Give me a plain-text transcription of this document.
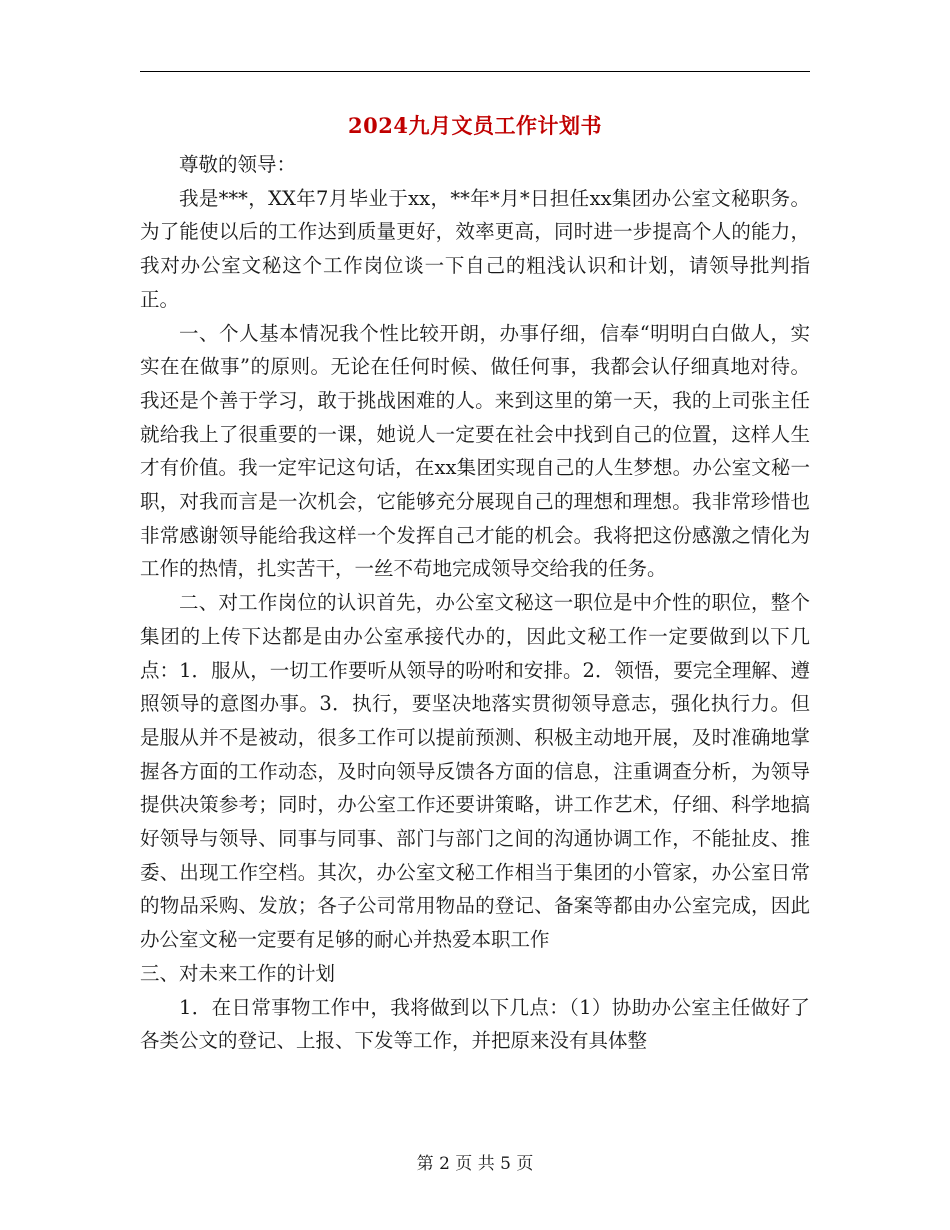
2024九月文员工作计划书

尊敬的领导：

我是***，XX年7月毕业于xx，**年*月*日担任xx集团办公室文秘职务。为了能使以后的工作达到质量更好，效率更高，同时进一步提高个人的能力，我对办公室文秘这个工作岗位谈一下自己的粗浅认识和计划，请领导批判指正。

一、个人基本情况我个性比较开朗，办事仔细，信奉“明明白白做人，实实在在做事”的原则。无论在任何时候、做任何事，我都会认仔细真地对待。我还是个善于学习，敢于挑战困难的人。来到这里的第一天，我的上司张主任就给我上了很重要的一课，她说人一定要在社会中找到自己的位置，这样人生才有价值。我一定牢记这句话，在xx集团实现自己的人生梦想。办公室文秘一职，对我而言是一次机会，它能够充分展现自己的理想和理想。我非常珍惜也非常感谢领导能给我这样一个发挥自己才能的机会。我将把这份感激之情化为工作的热情，扎实苦干，一丝不苟地完成领导交给我的任务。

二、对工作岗位的认识首先，办公室文秘这一职位是中介性的职位，整个集团的上传下达都是由办公室承接代办的，因此文秘工作一定要做到以下几点：1．服从，一切工作要听从领导的吩咐和安排。2．领悟，要完全理解、遵照领导的意图办事。3．执行，要坚决地落实贯彻领导意志，强化执行力。但是服从并不是被动，很多工作可以提前预测、积极主动地开展，及时准确地掌握各方面的工作动态，及时向领导反馈各方面的信息，注重调查分析，为领导提供决策参考；同时，办公室工作还要讲策略，讲工作艺术，仔细、科学地搞好领导与领导、同事与同事、部门与部门之间的沟通协调工作，不能扯皮、推委、出现工作空档。其次，办公室文秘工作相当于集团的小管家，办公室日常的物品采购、发放；各子公司常用物品的登记、备案等都由办公室完成，因此办公室文秘一定要有足够的耐心并热爱本职工作

三、对未来工作的计划

1．在日常事物工作中，我将做到以下几点：（1）协助办公室主任做好了各类公文的登记、上报、下发等工作，并把原来没有具体整

第 2 页 共 5 页
